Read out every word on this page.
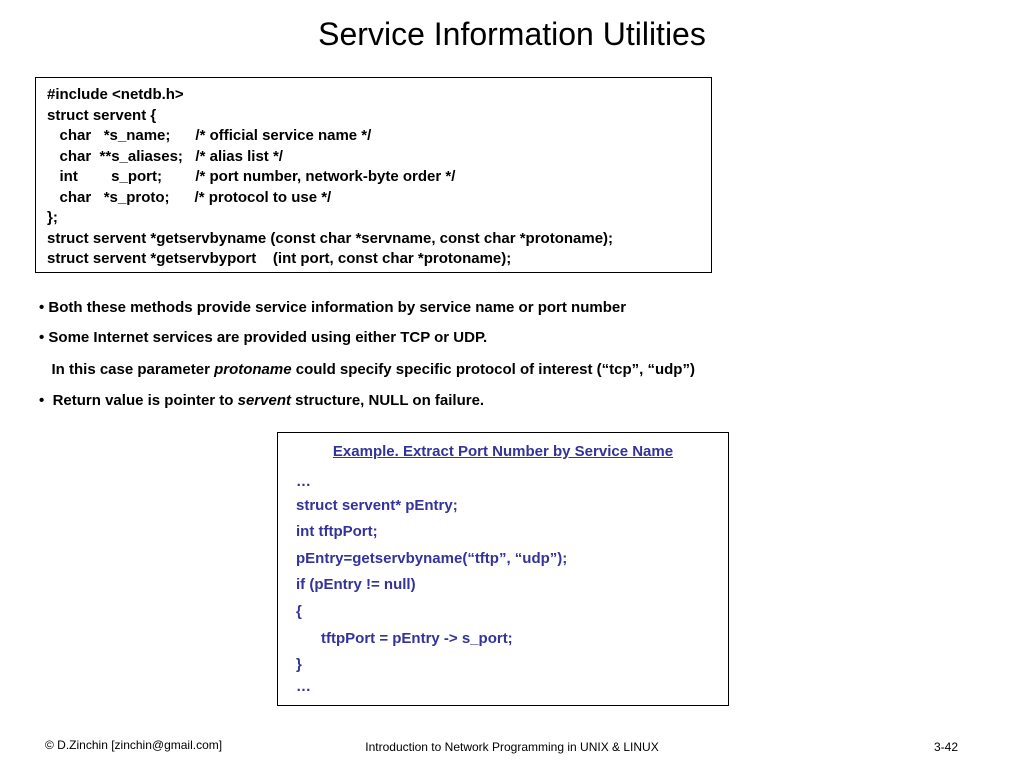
Service Information Utilities
#include <netdb.h>
struct servent {
char   *s_name;      /* official service name */
char  **s_aliases;   /* alias list */
int        s_port;        /* port number, network-byte order */
char   *s_proto;      /* protocol to use */
};
struct servent *getservbyname (const char *servname, const char *protoname);
struct servent *getservbyport    (int port, const char *protoname);
• Both these methods provide service information by service name or port number
• Some Internet services are provided using either TCP or UDP.
In this case parameter protoname could specify specific protocol of interest (“tcp”, “udp”)
•  Return value is pointer to servent structure, NULL on failure.
Example. Extract Port Number by Service Name
…
struct servent* pEntry;
int tftpPort;
pEntry=getservbyname(“tftp”, “udp”);
if (pEntry != null)
{
tftpPort = pEntry -> s_port;
}
…
© D.Zinchin [zinchin@gmail.com]	Introduction to Network Programming in UNIX & LINUX	3-42
